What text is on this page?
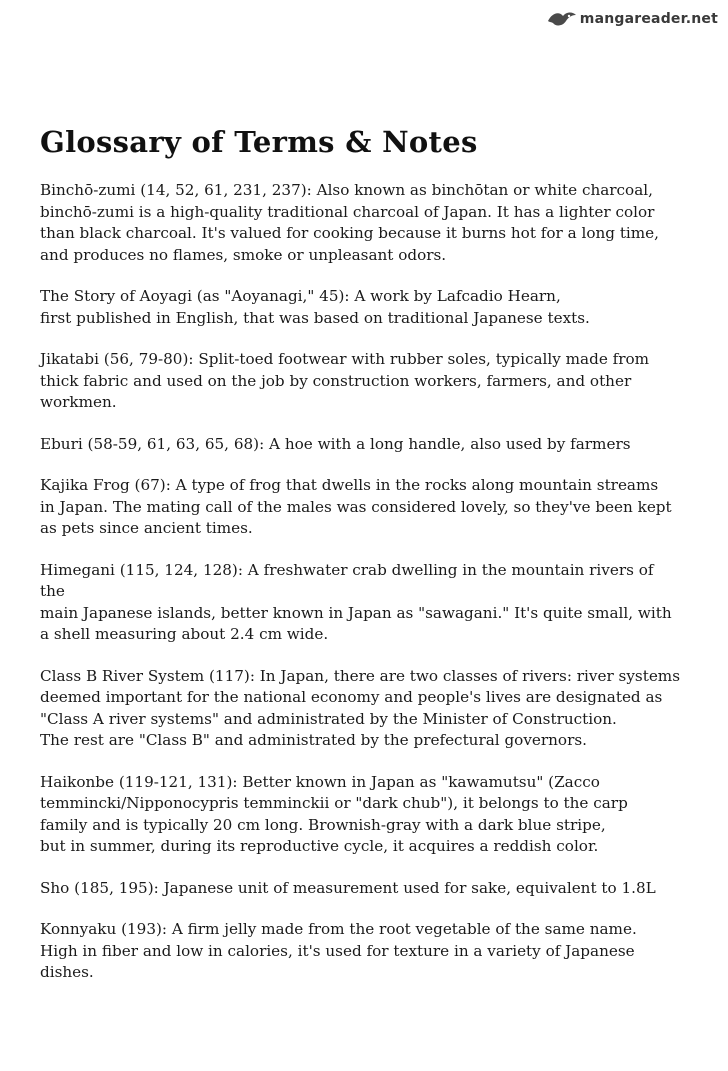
mangareader.net
Glossary of Terms & Notes

Binchō-zumi (14, 52, 61, 231, 237): Also known as binchōtan or white charcoal,
binchō-zumi is a high-quality traditional charcoal of Japan. It has a lighter color
than black charcoal. It's valued for cooking because it burns hot for a long time,
and produces no flames, smoke or unpleasant odors.

The Story of Aoyagi (as "Aoyanagi," 45): A work by Lafcadio Hearn,
first published in English, that was based on traditional Japanese texts.

Jikatabi (56, 79-80): Split-toed footwear with rubber soles, typically made from
thick fabric and used on the job by construction workers, farmers, and other
workmen.

Eburi (58-59, 61, 63, 65, 68): A hoe with a long handle, also used by farmers

Kajika Frog (67): A type of frog that dwells in the rocks along mountain streams
in Japan. The mating call of the males was considered lovely, so they've been kept
as pets since ancient times.

Himegani (115, 124, 128): A freshwater crab dwelling in the mountain rivers of the
main Japanese islands, better known in Japan as "sawagani." It's quite small, with
a shell measuring about 2.4 cm wide.

Class B River System (117): In Japan, there are two classes of rivers: river systems
deemed important for the national economy and people's lives are designated as
"Class A river systems" and administrated by the Minister of Construction.
The rest are "Class B" and administrated by the prefectural governors.

Haikonbe (119-121, 131): Better known in Japan as "kawamutsu" (Zacco
temmincki/Nipponocypris temminckii or "dark chub"), it belongs to the carp
family and is typically 20 cm long. Brownish-gray with a dark blue stripe,
but in summer, during its reproductive cycle, it acquires a reddish color.

Sho (185, 195): Japanese unit of measurement used for sake, equivalent to 1.8L

Konnyaku (193): A firm jelly made from the root vegetable of the same name.
High in fiber and low in calories, it's used for texture in a variety of Japanese
dishes.
